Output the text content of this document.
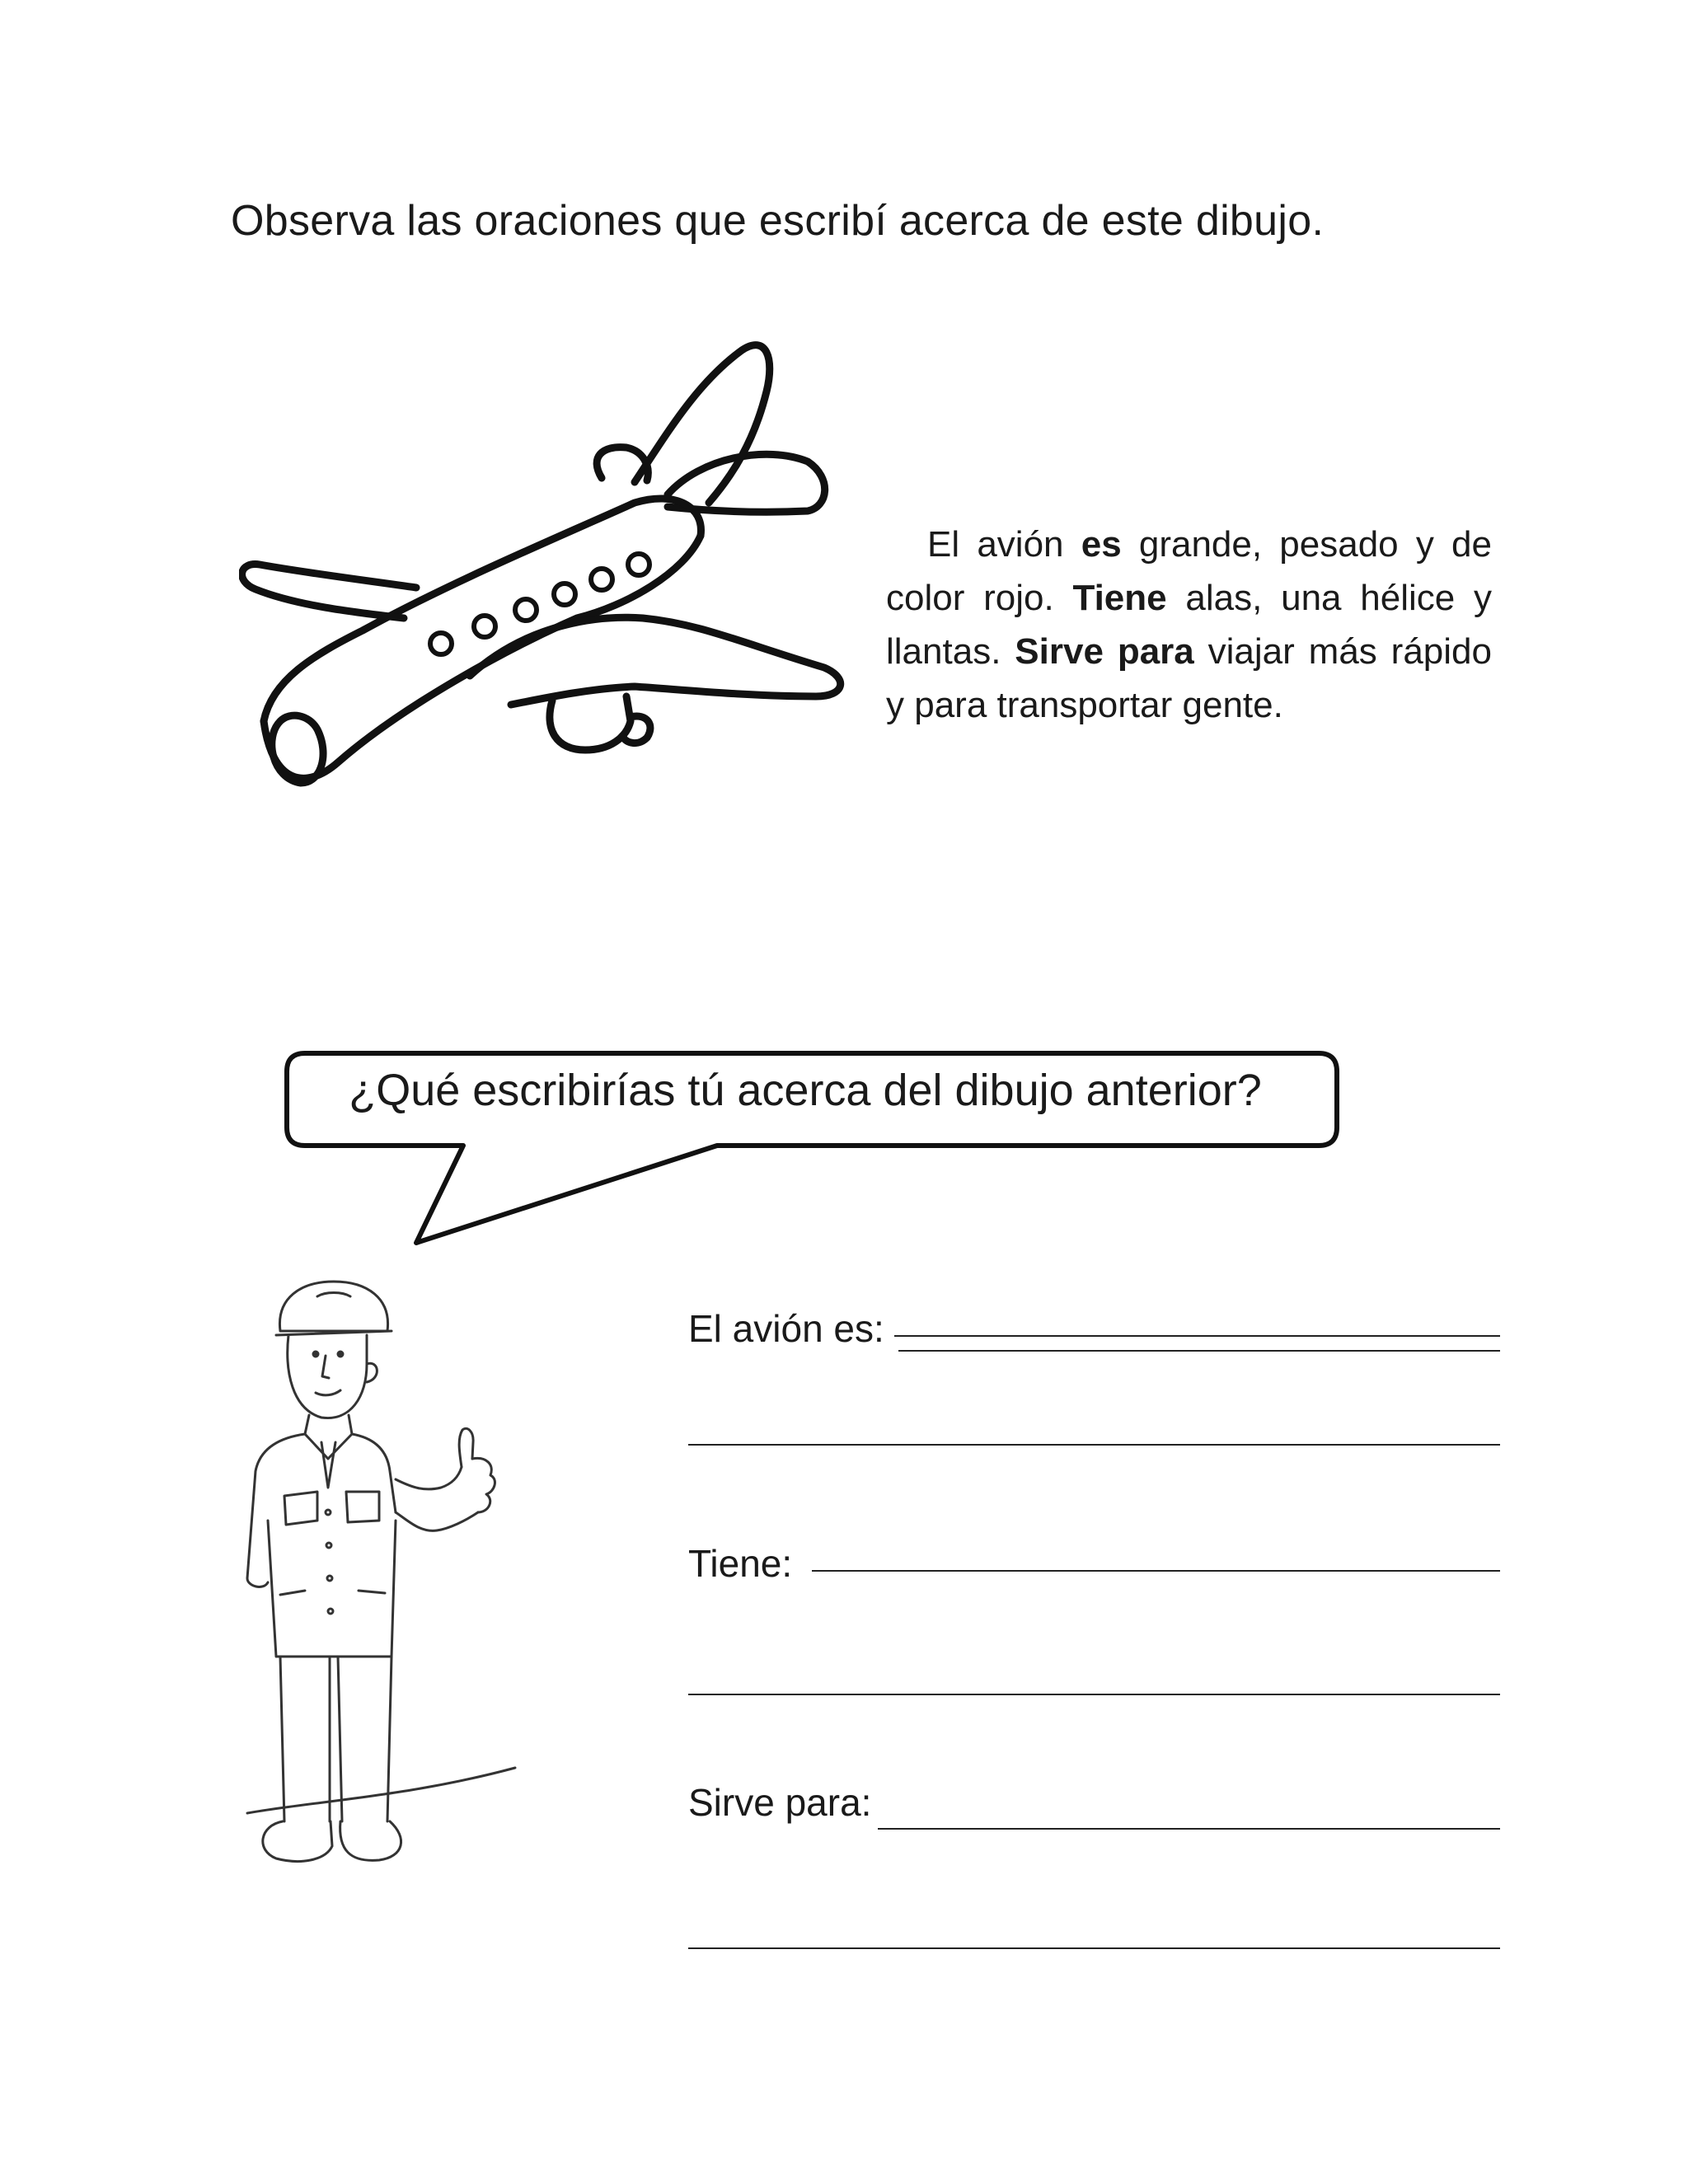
Observa las oraciones que escribí acerca de este dibujo.
El avión es grande, pesado y de color rojo. Tiene alas, una hélice y llantas. Sirve para viajar más rápido y para transportar gente.
¿Qué escribirías tú acerca del dibujo anterior?
El avión es:
Tiene:
Sirve para:
